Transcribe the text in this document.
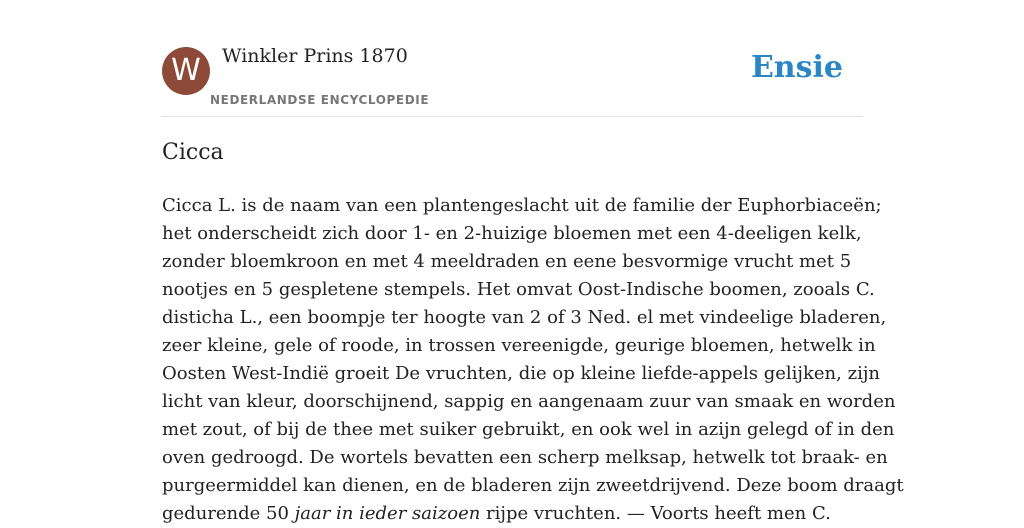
W	Winkler Prins 1870
NEDERLANDSE ENCYCLOPEDIE
Ensie
Cicca
Cicca L. is de naam van een plantengeslacht uit de familie der Euphorbiaceën;
het onderscheidt zich door 1- en 2-huizige bloemen met een 4-deeligen kelk,
zonder bloemkroon en met 4 meeldraden en eene besvormige vrucht met 5
nootjes en 5 gespletene stempels. Het omvat Oost-Indische boomen, zooals C.
disticha L., een boompje ter hoogte van 2 of 3 Ned. el met vindeelige bladeren,
zeer kleine, gele of roode, in trossen vereenigde, geurige bloemen, hetwelk in
Oosten West-Indië groeit De vruchten, die op kleine liefde-appels gelijken, zijn
licht van kleur, doorschijnend, sappig en aangenaam zuur van smaak en worden
met zout, of bij de thee met suiker gebruikt, en ook wel in azijn gelegd of in den
oven gedroogd. De wortels bevatten een scherp melksap, hetwelk tot braak- en
purgeermiddel kan dienen, en de bladeren zijn zweetdrijvend. Deze boom draagt
gedurende 50 jaar in ieder saizoen rijpe vruchten. — Voorts heeft men C.
